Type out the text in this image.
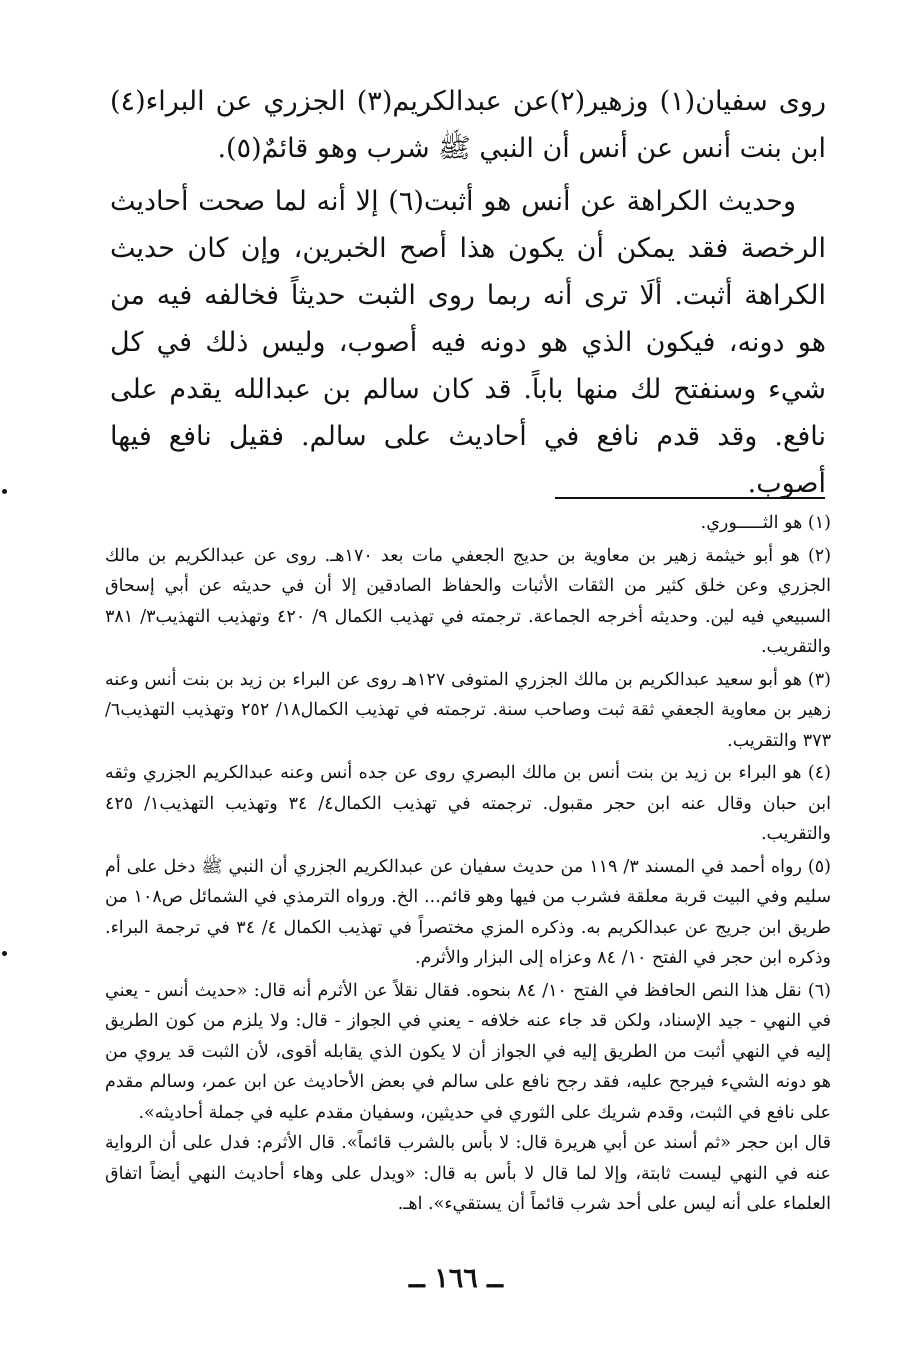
روى سفيان(١) وزهير(٢)عن عبدالكريم(٣) الجزري عن البراء(٤) ابن بنت أنس عن أنس أن النبي ﷺ شرب وهو قائمٌ(٥).

وحديث الكراهة عن أنس هو أثبت(٦) إلا أنه لما صحت أحاديث الرخصة فقد يمكن أن يكون هذا أصح الخبرين، وإن كان حديث الكراهة أثبت. ألَا ترى أنه ربما روى الثبت حديثاً فخالفه فيه من هو دونه، فيكون الذي هو دونه فيه أصوب، وليس ذلك في كل شيء وسنفتح لك منها باباً. قد كان سالم بن عبدالله يقدم على نافع. وقد قدم نافع في أحاديث على سالم. فقيل نافع فيها أصوب.

(١) هو الثـــــوري.

(٢) هو أبو خيثمة زهير بن معاوية بن حديج الجعفي مات بعد ١٧٠هـ. روى عن عبدالكريم بن مالك الجزري وعن خلق كثير من الثقات الأثبات والحفاظ الصادقين إلا أن في حديثه عن أبي إسحاق السبيعي فيه لين. وحديثه أخرجه الجماعة. ترجمته في تهذيب الكمال ٩/ ٤٢٠ وتهذيب التهذيب٣/ ٣٨١ والتقريب.

(٣) هو أبو سعيد عبدالكريم بن مالك الجزري المتوفى ١٢٧هـ روى عن البراء بن زيد بن بنت أنس وعنه زهير بن معاوية الجعفي ثقة ثبت وصاحب سنة. ترجمته في تهذيب الكمال١٨/ ٢٥٢ وتهذيب التهذيب٦/ ٣٧٣ والتقريب.

(٤) هو البراء بن زيد بن بنت أنس بن مالك البصري روى عن جده أنس وعنه عبدالكريم الجزري وثقه ابن حبان وقال عنه ابن حجر مقبول. ترجمته في تهذيب الكمال٤/ ٣٤ وتهذيب التهذيب١/ ٤٢٥ والتقريب.

(٥) رواه أحمد في المسند ٣/ ١١٩ من حديث سفيان عن عبدالكريم الجزري أن النبي ﷺ دخل على أم سليم وفي البيت قربة معلقة فشرب من فيها وهو قائم... الخ. ورواه الترمذي في الشمائل ص١٠٨ من طريق ابن جريج عن عبدالكريم به. وذكره المزي مختصراً في تهذيب الكمال ٤/ ٣٤ في ترجمة البراء. وذكره ابن حجر في الفتح ١٠/ ٨٤ وعزاه إلى البزار والأثرم.

(٦) نقل هذا النص الحافظ في الفتح ١٠/ ٨٤ بنحوه. فقال نقلاً عن الأثرم أنه قال: «حديث أنس - يعني في النهي - جيد الإسناد، ولكن قد جاء عنه خلافه - يعني في الجواز - قال: ولا يلزم من كون الطريق إليه في النهي أثبت من الطريق إليه في الجواز أن لا يكون الذي يقابله أقوى، لأن الثبت قد يروي من هو دونه الشيء فيرجح عليه، فقد رجح نافع على سالم في بعض الأحاديث عن ابن عمر، وسالم مقدم على نافع في الثبت، وقدم شريك على الثوري في حديثين، وسفيان مقدم عليه في جملة أحاديثه».

قال ابن حجر «ثم أسند عن أبي هريرة قال: لا بأس بالشرب قائماً». قال الأثرم: فدل على أن الرواية عنه في النهي ليست ثابتة، وإلا لما قال لا بأس به قال: «ويدل على وهاء أحاديث النهي أيضاً اتفاق العلماء على أنه ليس على أحد شرب قائماً أن يستقيء». اهـ.

ــ ١٦٦ ــ
